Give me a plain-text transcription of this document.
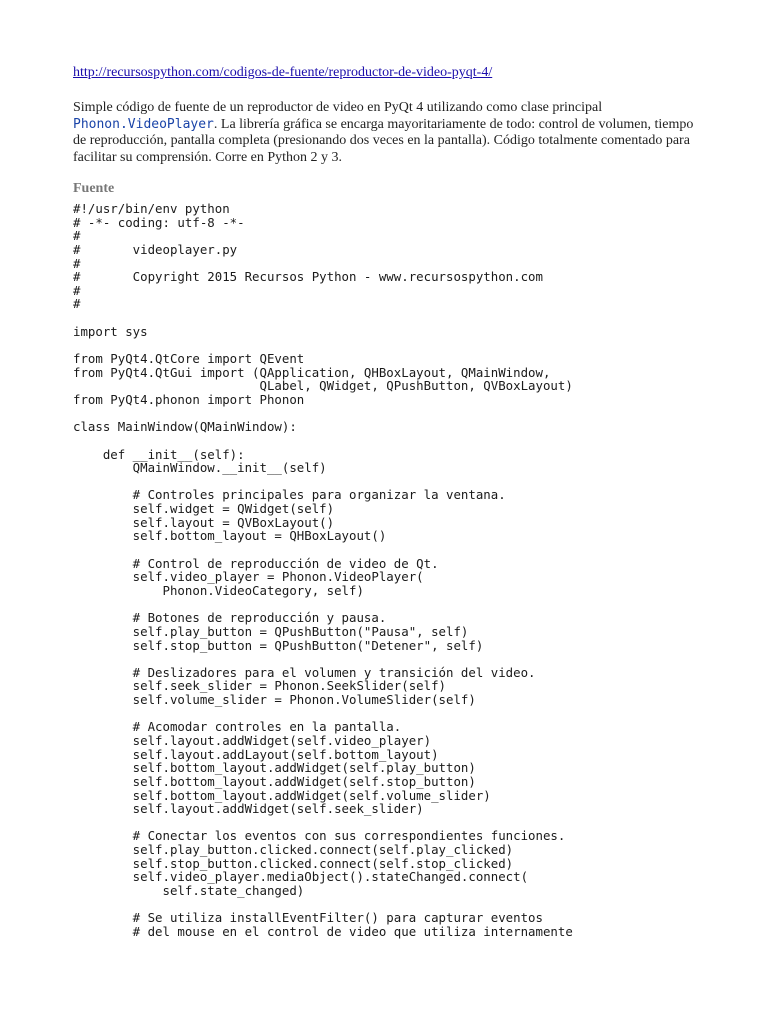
http://recursospython.com/codigos-de-fuente/reproductor-de-video-pyqt-4/

Simple código de fuente de un reproductor de video en PyQt 4 utilizando como clase principal Phonon.VideoPlayer. La librería gráfica se encarga mayoritariamente de todo: control de volumen, tiempo de reproducción, pantalla completa (presionando dos veces en la pantalla). Código totalmente comentado para facilitar su comprensión. Corre en Python 2 y 3.

Fuente
#!/usr/bin/env python
# -*- coding: utf-8 -*-
#
#       videoplayer.py
#
#       Copyright 2015 Recursos Python - www.recursospython.com
#
#
import sys
from PyQt4.QtCore import QEvent
from PyQt4.QtGui import (QApplication, QHBoxLayout, QMainWindow,
QLabel, QWidget, QPushButton, QVBoxLayout)
from PyQt4.phonon import Phonon
class MainWindow(QMainWindow):
def __init__(self):
QMainWindow.__init__(self)
# Controles principales para organizar la ventana.
self.widget = QWidget(self)
self.layout = QVBoxLayout()
self.bottom_layout = QHBoxLayout()
# Control de reproducción de video de Qt.
self.video_player = Phonon.VideoPlayer(
Phonon.VideoCategory, self)
# Botones de reproducción y pausa.
self.play_button = QPushButton("Pausa", self)
self.stop_button = QPushButton("Detener", self)
# Deslizadores para el volumen y transición del video.
self.seek_slider = Phonon.SeekSlider(self)
self.volume_slider = Phonon.VolumeSlider(self)
# Acomodar controles en la pantalla.
self.layout.addWidget(self.video_player)
self.layout.addLayout(self.bottom_layout)
self.bottom_layout.addWidget(self.play_button)
self.bottom_layout.addWidget(self.stop_button)
self.bottom_layout.addWidget(self.volume_slider)
self.layout.addWidget(self.seek_slider)
# Conectar los eventos con sus correspondientes funciones.
self.play_button.clicked.connect(self.play_clicked)
self.stop_button.clicked.connect(self.stop_clicked)
self.video_player.mediaObject().stateChanged.connect(
self.state_changed)
# Se utiliza installEventFilter() para capturar eventos
# del mouse en el control de video que utiliza internamente
